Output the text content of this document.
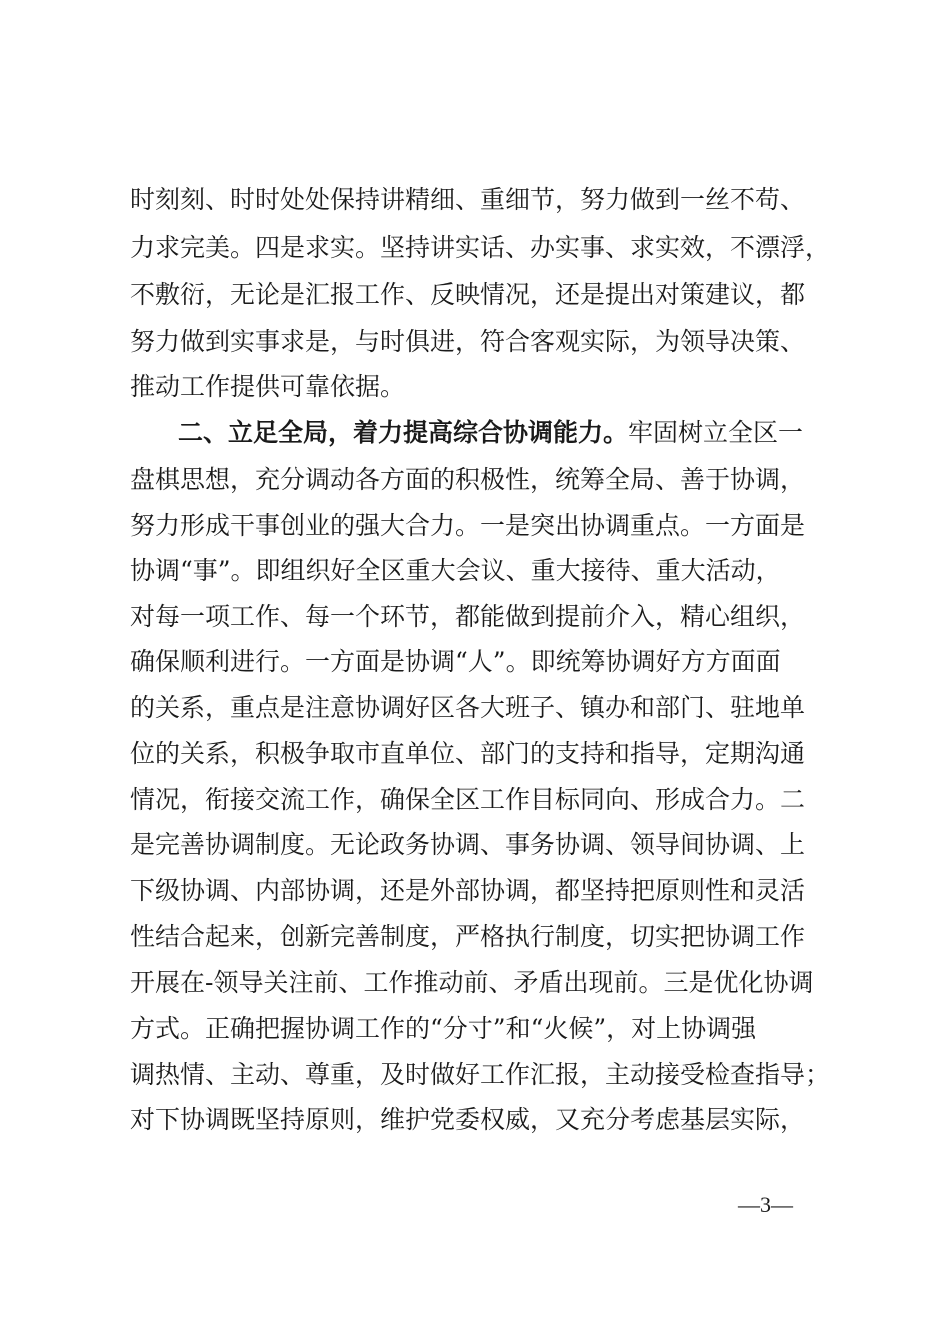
时刻刻、时时处处保持讲精细、重细节，努力做到一丝不苟、

力求完美。四是求实。坚持讲实话、办实事、求实效，不漂浮，

不敷衍，无论是汇报工作、反映情况，还是提出对策建议，都

努力做到实事求是，与时俱进，符合客观实际，为领导决策、

推动工作提供可靠依据。

二、立足全局，着力提高综合协调能力。牢固树立全区一

盘棋思想，充分调动各方面的积极性，统筹全局、善于协调，

努力形成干事创业的强大合力。一是突出协调重点。一方面是

协调“事”。即组织好全区重大会议、重大接待、重大活动，

对每一项工作、每一个环节，都能做到提前介入，精心组织，

确保顺利进行。一方面是协调“人”。即统筹协调好方方面面

的关系，重点是注意协调好区各大班子、镇办和部门、驻地单

位的关系，积极争取市直单位、部门的支持和指导，定期沟通

情况，衔接交流工作，确保全区工作目标同向、形成合力。二

是完善协调制度。无论政务协调、事务协调、领导间协调、上

下级协调、内部协调，还是外部协调，都坚持把原则性和灵活

性结合起来，创新完善制度，严格执行制度，切实把协调工作

开展在-领导关注前、工作推动前、矛盾出现前。三是优化协调

方式。正确把握协调工作的“分寸”和“火候”，对上协调强

调热情、主动、尊重，及时做好工作汇报，主动接受检查指导；

对下协调既坚持原则，维护党委权威，又充分考虑基层实际，

—3—
